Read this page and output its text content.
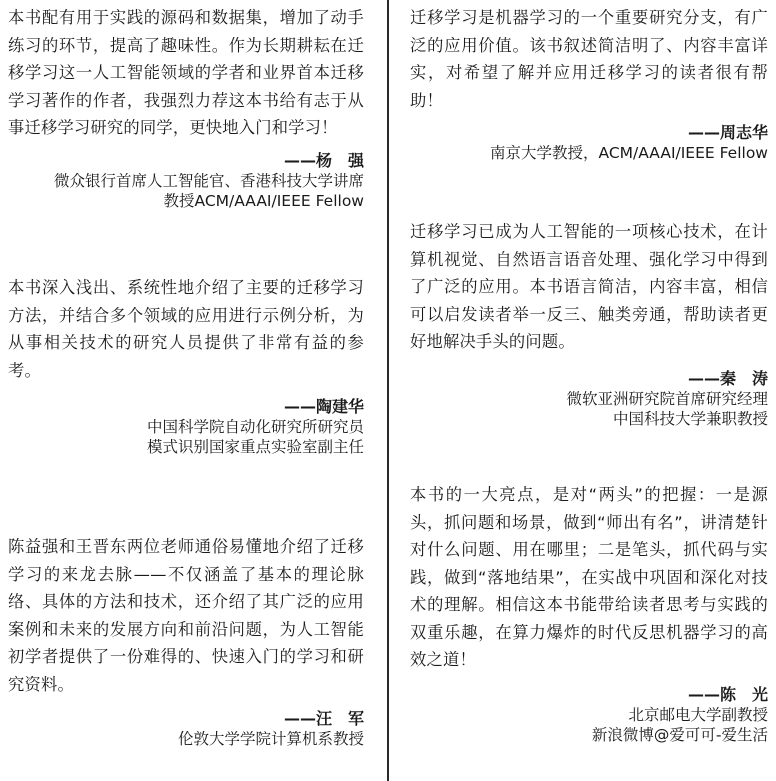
本书配有用于实践的源码和数据集，增加了动手练习的环节，提高了趣味性。作为长期耕耘在迁移学习这一人工智能领域的学者和业界首本迁移学习著作的作者，我强烈力荐这本书给有志于从事迁移学习研究的同学，更快地入门和学习！

——杨　强
微众银行首席人工智能官、香港科技大学讲席
教授ACM/AAAI/IEEE Fellow

本书深入浅出、系统性地介绍了主要的迁移学习方法，并结合多个领域的应用进行示例分析，为从事相关技术的研究人员提供了非常有益的参考。

——陶建华
中国科学院自动化研究所研究员
模式识别国家重点实验室副主任

陈益强和王晋东两位老师通俗易懂地介绍了迁移学习的来龙去脉——不仅涵盖了基本的理论脉络、具体的方法和技术，还介绍了其广泛的应用案例和未来的发展方向和前沿问题，为人工智能初学者提供了一份难得的、快速入门的学习和研究资料。

——汪　军
伦敦大学学院计算机系教授

迁移学习是机器学习的一个重要研究分支，有广泛的应用价值。该书叙述简洁明了、内容丰富详实，对希望了解并应用迁移学习的读者很有帮助！

——周志华
南京大学教授，ACM/AAAI/IEEE Fellow

迁移学习已成为人工智能的一项核心技术，在计算机视觉、自然语言语音处理、强化学习中得到了广泛的应用。本书语言简洁，内容丰富，相信可以启发读者举一反三、触类旁通，帮助读者更好地解决手头的问题。

——秦　涛
微软亚洲研究院首席研究经理
中国科技大学兼职教授

本书的一大亮点，是对“两头”的把握：一是源头，抓问题和场景，做到“师出有名”，讲清楚针对什么问题、用在哪里；二是笔头，抓代码与实践，做到“落地结果”，在实战中巩固和深化对技术的理解。相信这本书能带给读者思考与实践的双重乐趣，在算力爆炸的时代反思机器学习的高效之道！

——陈　光
北京邮电大学副教授
新浪微博@爱可可-爱生活
